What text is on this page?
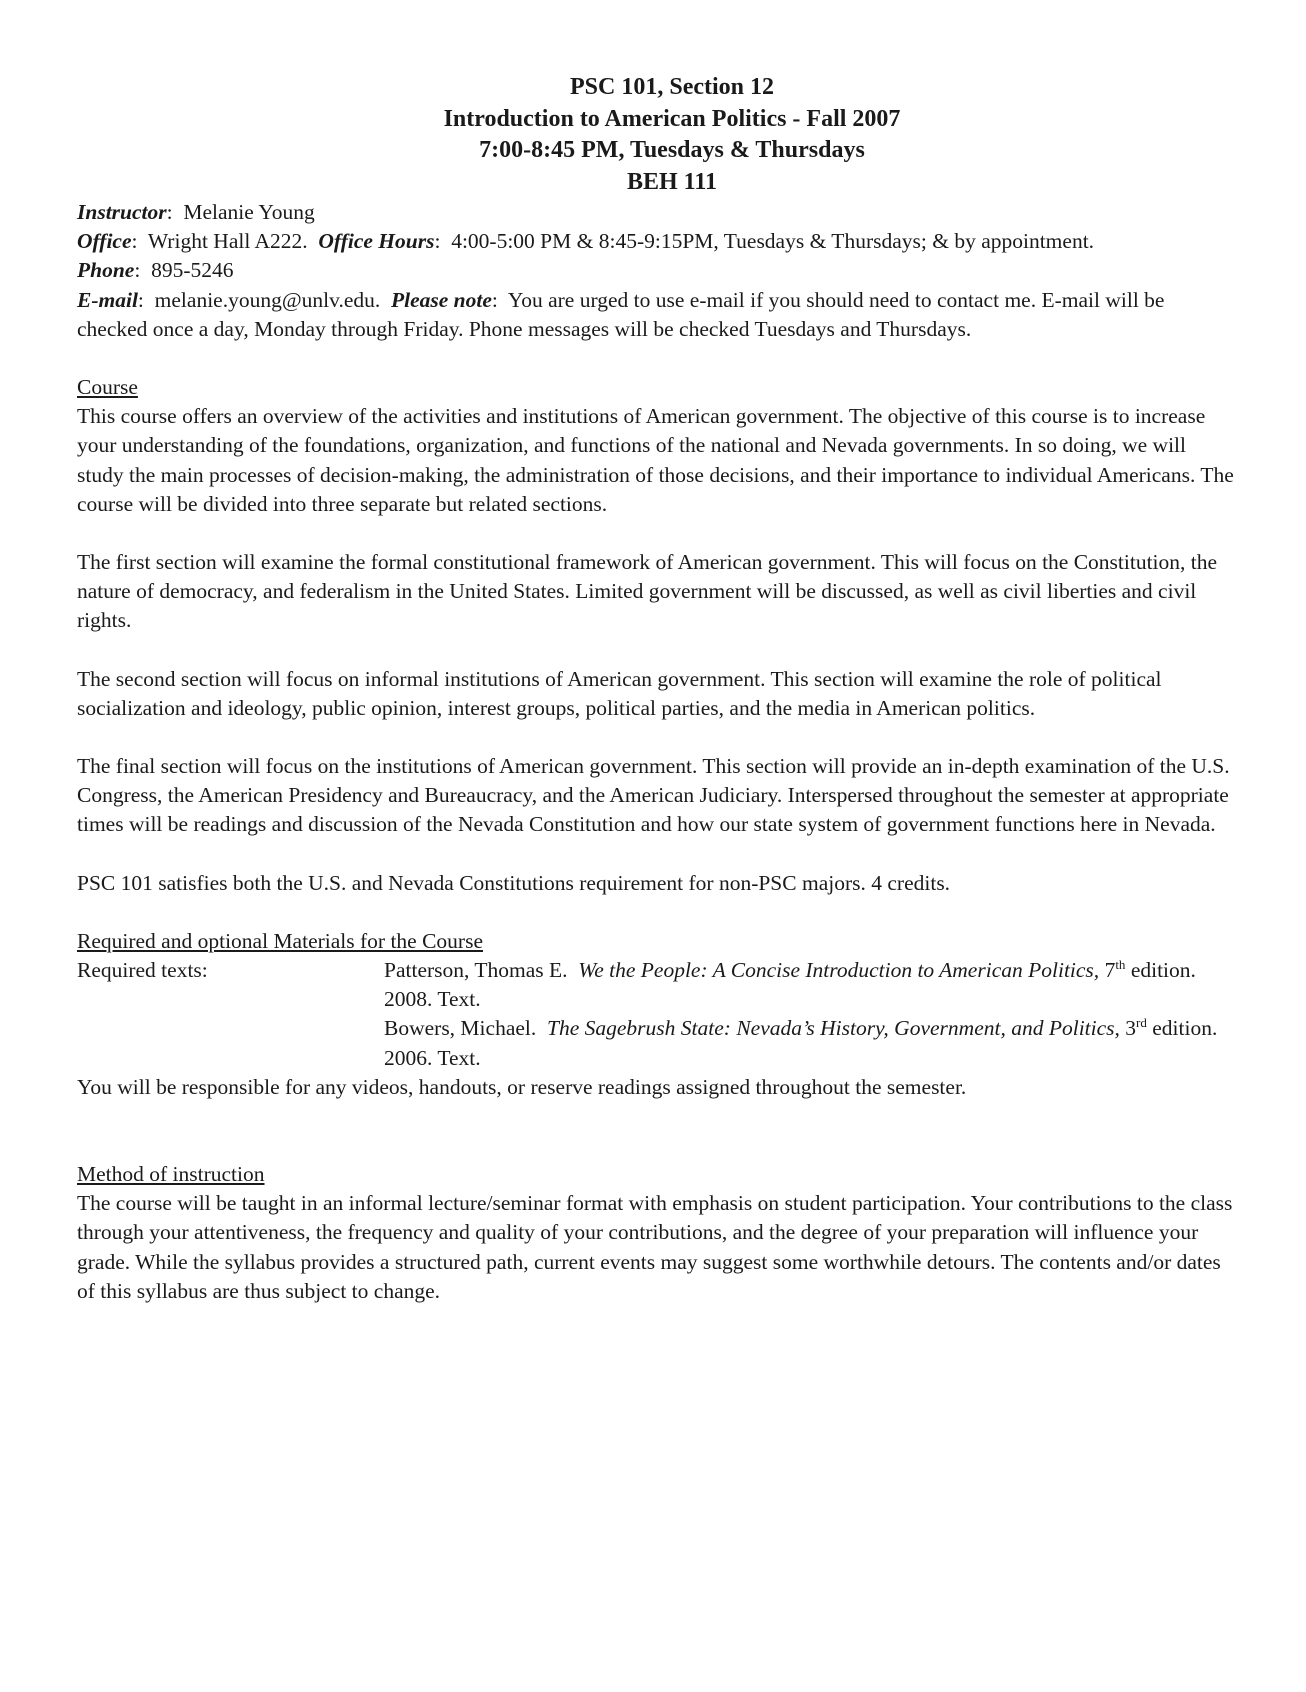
PSC 101, Section 12
Introduction to American Politics - Fall 2007
7:00-8:45 PM, Tuesdays & Thursdays
BEH 111

Instructor:  Melanie Young

Office:  Wright Hall A222. Office Hours:  4:00-5:00 PM & 8:45-9:15PM, Tuesdays & Thursdays; & by appointment.

Phone:  895-5246

E-mail:  melanie.young@unlv.edu. Please note:  You are urged to use e-mail if you should need to contact me. E-mail will be checked once a day, Monday through Friday. Phone messages will be checked Tuesdays and Thursdays.

Course

This course offers an overview of the activities and institutions of American government. The objective of this course is to increase your understanding of the foundations, organization, and functions of the national and Nevada governments. In so doing, we will study the main processes of decision-making, the administration of those decisions, and their importance to individual Americans. The course will be divided into three separate but related sections.

The first section will examine the formal constitutional framework of American government. This will focus on the Constitution, the nature of democracy, and federalism in the United States. Limited government will be discussed, as well as civil liberties and civil rights.

The second section will focus on informal institutions of American government. This section will examine the role of political socialization and ideology, public opinion, interest groups, political parties, and the media in American politics.

The final section will focus on the institutions of American government. This section will provide an in-depth examination of the U.S. Congress, the American Presidency and Bureaucracy, and the American Judiciary. Interspersed throughout the semester at appropriate times will be readings and discussion of the Nevada Constitution and how our state system of government functions here in Nevada.

PSC 101 satisfies both the U.S. and Nevada Constitutions requirement for non-PSC majors. 4 credits.

Required and optional Materials for the Course

Required texts:	Patterson, Thomas E. We the People: A Concise Introduction to American Politics, 7th edition. 2008. Text.

Bowers, Michael. The Sagebrush State: Nevada’s History, Government, and Politics, 3rd edition. 2006. Text.

You will be responsible for any videos, handouts, or reserve readings assigned throughout the semester.

Method of instruction

The course will be taught in an informal lecture/seminar format with emphasis on student participation. Your contributions to the class through your attentiveness, the frequency and quality of your contributions, and the degree of your preparation will influence your grade. While the syllabus provides a structured path, current events may suggest some worthwhile detours. The contents and/or dates of this syllabus are thus subject to change.
